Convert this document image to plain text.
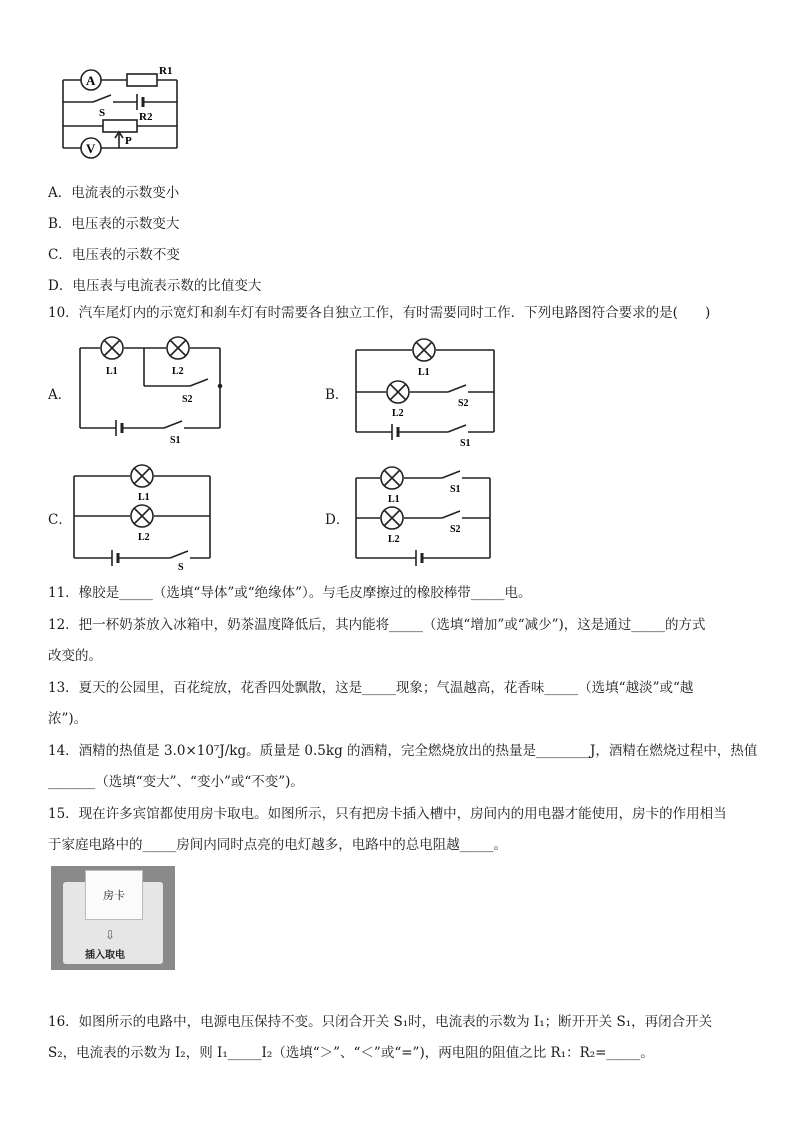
A
V
R1
R2
S
P
A．电流表的示数变小
B．电压表的示数变大
C．电压表的示数不变
D．电压表与电流表示数的比值变大
10．汽车尾灯内的示宽灯和刹车灯有时需要各自独立工作，有时需要同时工作．下列电路图符合要求的是(　　)
A．
L1	L2
S2
S1
B．
L1
L2
S2
S1
C．
L1
L2
S
D．
L1
S1
L2
S2
11．橡胶是_____（选填“导体”或“绝缘体”）。与毛皮摩擦过的橡胶棒带_____电。
12．把一杯奶茶放入冰箱中，奶茶温度降低后，其内能将_____（选填“增加”或“减少”)，这是通过_____的方式
改变的。
13．夏天的公园里，百花绽放，花香四处飘散，这是_____现象；气温越高，花香味_____（选填“越淡”或“越
浓”)。
14．酒精的热值是 3.0×10⁷J/kg。质量是 0.5kg 的酒精，完全燃烧放出的热量是________J，酒精在燃烧过程中，热值
_______（选填“变大”、“变小”或“不变”)。
15．现在许多宾馆都使用房卡取电。如图所示，只有把房卡插入槽中，房间内的用电器才能使用，房卡的作用相当
于家庭电路中的_____房间内同时点亮的电灯越多，电路中的总电阻越_____。
房卡
⇩
插入取电
16．如图所示的电路中，电源电压保持不变。只闭合开关 S₁时，电流表的示数为 I₁；断开开关 S₁，再闭合开关
S₂，电流表的示数为 I₂，则 I₁_____I₂（选填“＞”、“＜”或“=”)，两电阻的阻值之比 R₁：R₂=_____。
